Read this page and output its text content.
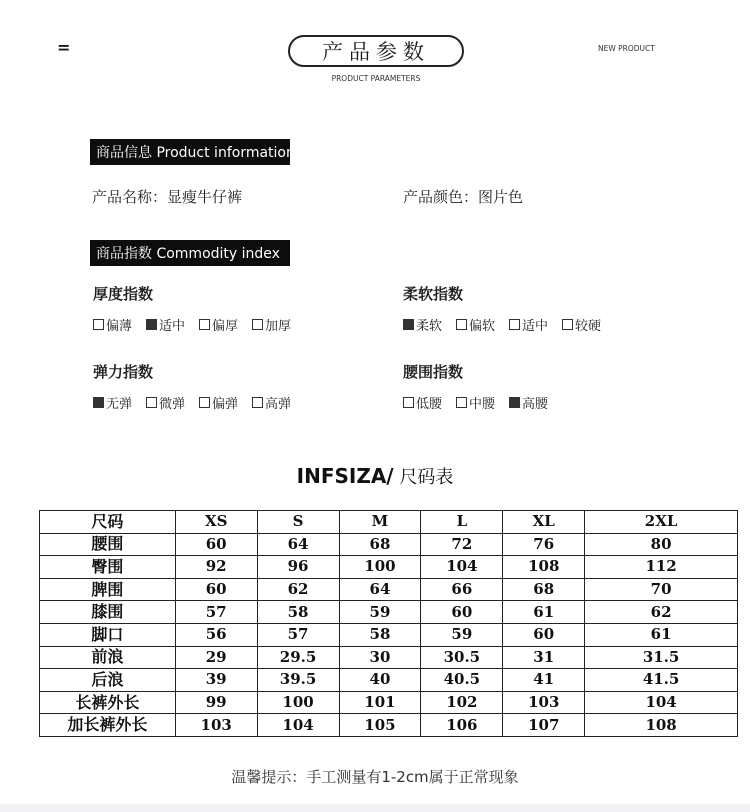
=	产品参数
PRODUCT PARAMETERS
NEW PRODUCT
商品信息 Product information
产品名称：显瘦牛仔裤	产品颜色：图片色
商品指数 Commodity index
厚度指数
偏薄 适中 偏厚 加厚
柔软指数
柔软 偏软 适中 较硬
弹力指数
无弹 微弹 偏弹 高弹
腰围指数
低腰 中腰 高腰
INFSIZA/ 尺码表
尺码	XS	S	M	L	XL	2XL
腰围	60	64	68	72	76	80
臀围	92	96	100	104	108	112
脾围	60	62	64	66	68	70
膝围	57	58	59	60	61	62
脚口	56	57	58	59	60	61
前浪	29	29.5	30	30.5	31	31.5
后浪	39	39.5	40	40.5	41	41.5
长裤外长	99	100	101	102	103	104
加长裤外长	103	104	105	106	107	108
温馨提示：手工测量有1-2cm属于正常现象
